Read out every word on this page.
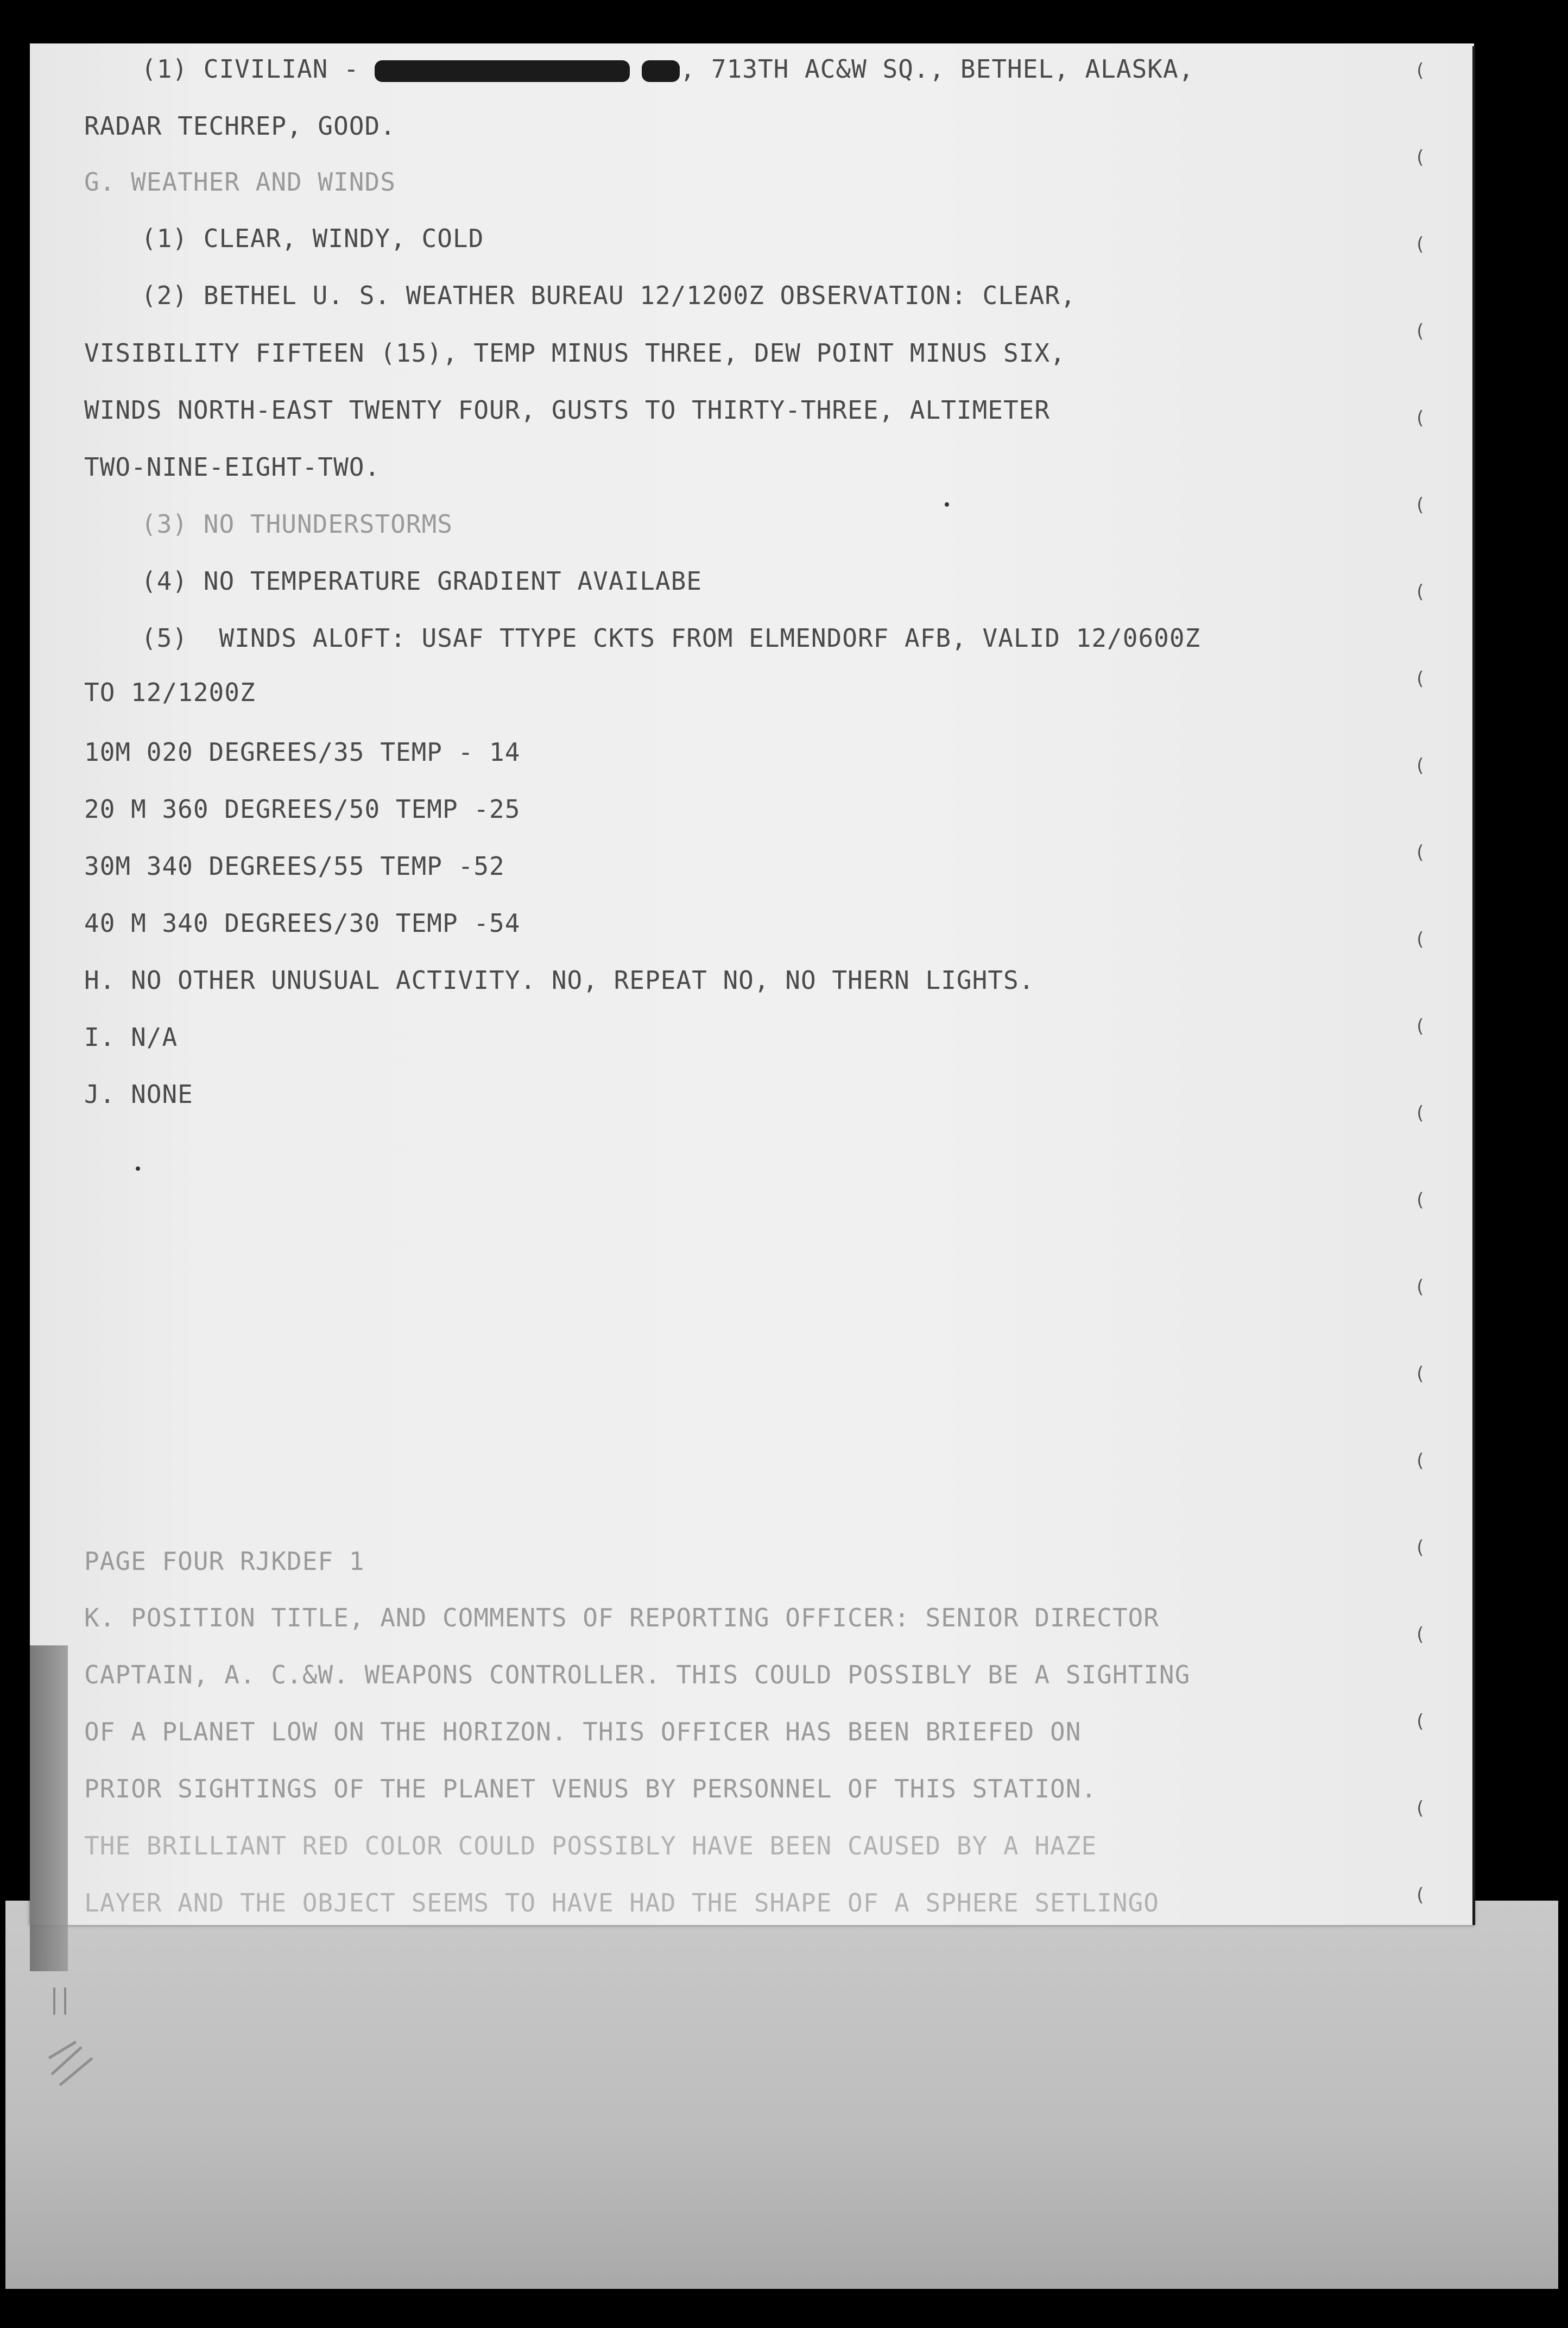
(1) CIVILIAN -	, 713TH AC&W SQ., BETHEL, ALASKA,
RADAR TECHREP, GOOD.
G. WEATHER AND WINDS
(1) CLEAR, WINDY, COLD
(2) BETHEL U. S. WEATHER BUREAU 12/1200Z OBSERVATION: CLEAR,
VISIBILITY FIFTEEN (15), TEMP MINUS THREE, DEW POINT MINUS SIX,
WINDS NORTH-EAST TWENTY FOUR, GUSTS TO THIRTY-THREE, ALTIMETER
TWO-NINE-EIGHT-TWO.
(3) NO THUNDERSTORMS
(4) NO TEMPERATURE GRADIENT AVAILABE
(5)  WINDS ALOFT: USAF TTYPE CKTS FROM ELMENDORF AFB, VALID 12/0600Z
TO 12/1200Z
10M 020 DEGREES/35 TEMP - 14
20 M 360 DEGREES/50 TEMP -25
30M 340 DEGREES/55 TEMP -52
40 M 340 DEGREES/30 TEMP -54
H. NO OTHER UNUSUAL ACTIVITY. NO, REPEAT NO, NO THERN LIGHTS.
I. N/A
J. NONE
PAGE FOUR RJKDEF 1
K. POSITION TITLE, AND COMMENTS OF REPORTING OFFICER: SENIOR DIRECTOR
CAPTAIN, A. C.&W. WEAPONS CONTROLLER. THIS COULD POSSIBLY BE A SIGHTING
OF A PLANET LOW ON THE HORIZON. THIS OFFICER HAS BEEN BRIEFED ON
PRIOR SIGHTINGS OF THE PLANET VENUS BY PERSONNEL OF THIS STATION.
THE BRILLIANT RED COLOR COULD POSSIBLY HAVE BEEN CAUSED BY A HAZE
LAYER AND THE OBJECT SEEMS TO HAVE HAD THE SHAPE OF A SPHERE SETLINGO
(
(
(
(
(
(
(
(
(
(
(
(
(
(
(
(
(
(
(
(
(
(
